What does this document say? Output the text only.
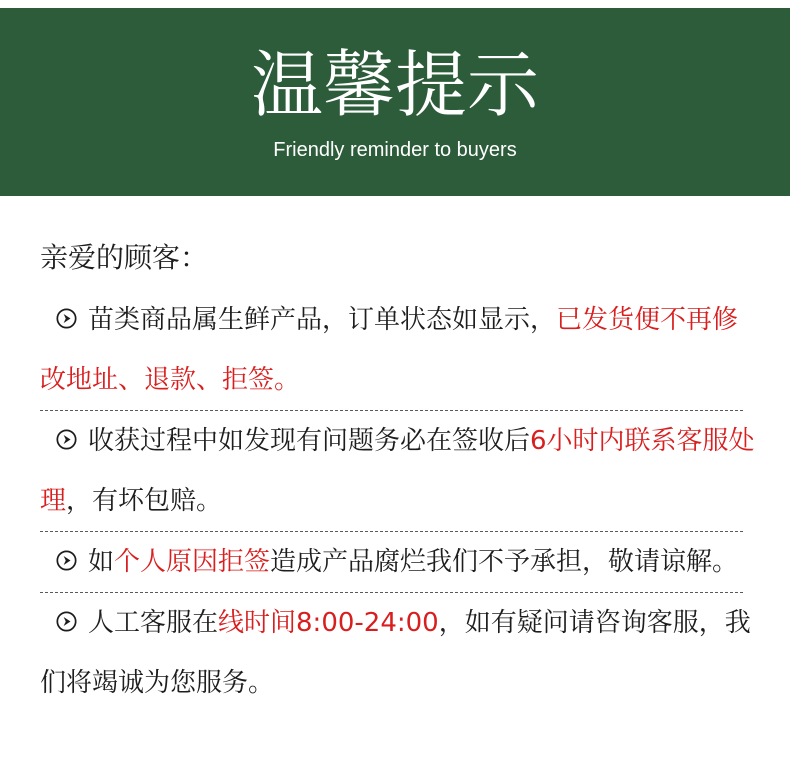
温馨提示

Friendly reminder to buyers

亲爱的顾客：
苗类商品属生鲜产品，订单状态如显示，已发货便不再修
改地址、退款、拒签。
收获过程中如发现有问题务必在签收后6小时内联系客服处
理，有坏包赔。
如个人原因拒签造成产品腐烂我们不予承担，敬请谅解。
人工客服在线时间8:00-24:00，如有疑问请咨询客服，我
们将竭诚为您服务。
